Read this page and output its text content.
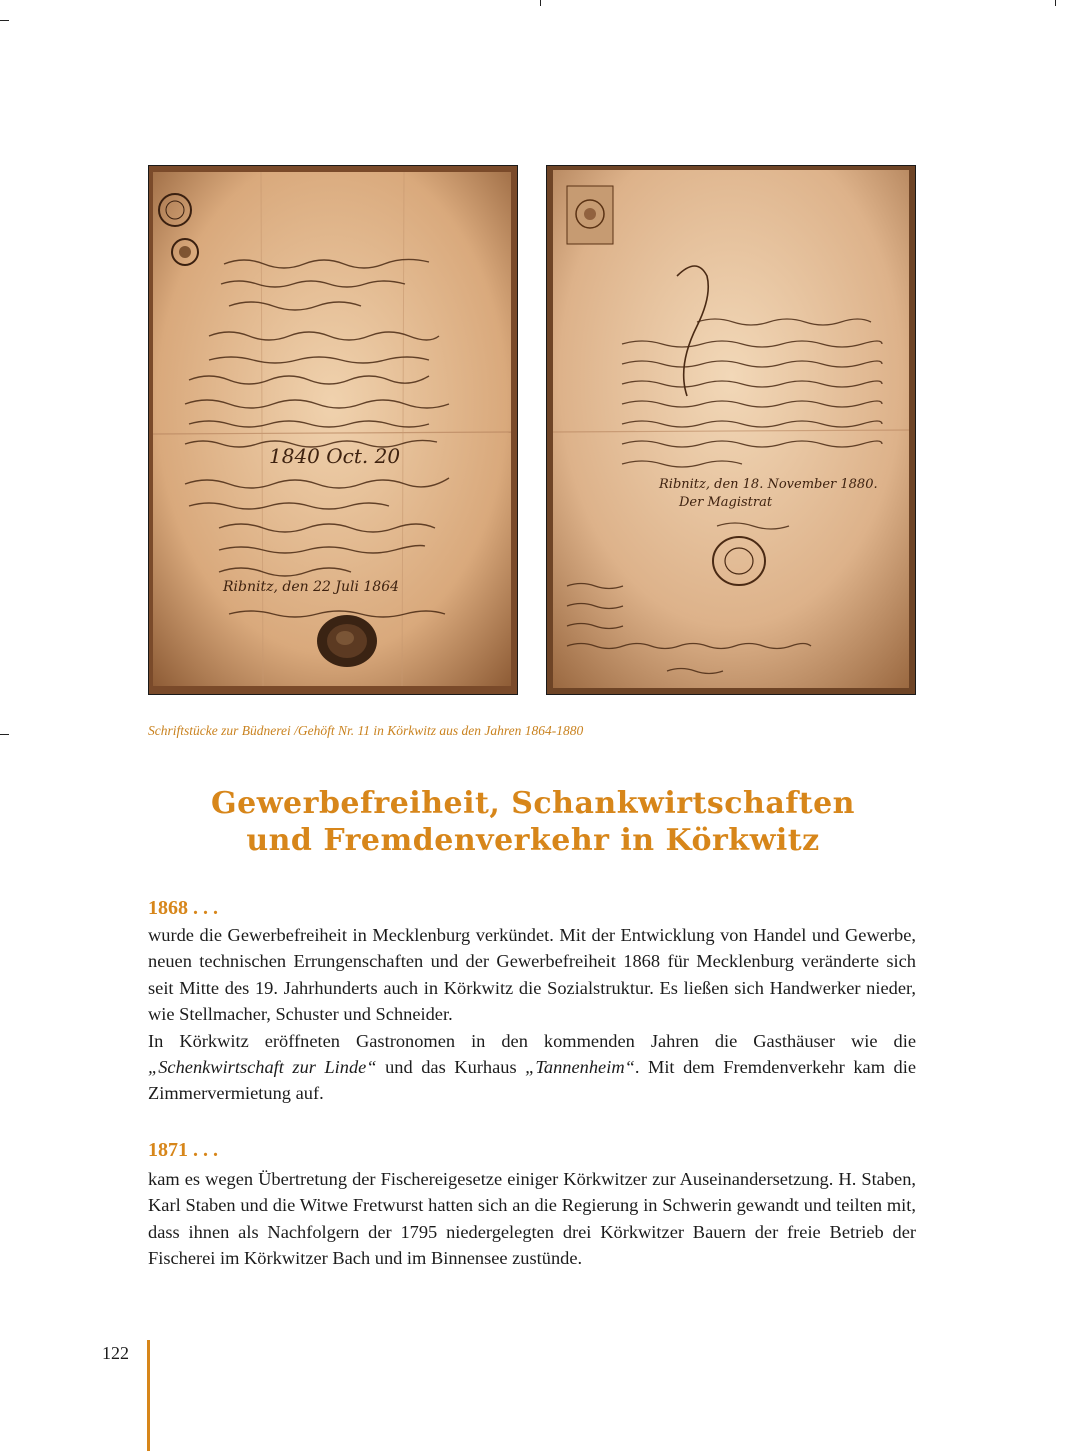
1840 Oct. 20
Ribnitz, den 22 Juli 1864
Ribnitz, den 18. November 1880.
Der Magistrat
Schriftstücke zur Büdnerei /Gehöft Nr. 11 in Körkwitz aus den Jahren 1864-1880
Gewerbefreiheit, Schankwirtschaften
und Fremdenverkehr in Körkwitz
1868 . . .

wurde die Gewerbefreiheit in Mecklenburg verkündet. Mit der Entwicklung von Handel und Gewerbe, neuen technischen Errungenschaften und der Gewerbefreiheit 1868 für Mecklenburg veränderte sich seit Mitte des 19. Jahrhunderts auch in Körkwitz die Sozialstruktur. Es ließen sich Handwerker nieder, wie Stellmacher, Schuster und Schneider.

In Körkwitz eröffneten Gastronomen in den kommenden Jahren die Gasthäuser wie die „Schenkwirtschaft zur Linde“ und das Kurhaus „Tannenheim“. Mit dem Fremdenverkehr kam die Zimmervermietung auf.

1871 . . .

kam es wegen Übertretung der Fischereigesetze einiger Körkwitzer zur Auseinandersetzung. H. Staben, Karl Staben und die Witwe Fretwurst hatten sich an die Regierung in Schwerin gewandt und teilten mit, dass ihnen als Nachfolgern der 1795 niedergelegten drei Körkwitzer Bauern der freie Betrieb der Fischerei im Körkwitzer Bach und im Binnensee zustünde.

122
